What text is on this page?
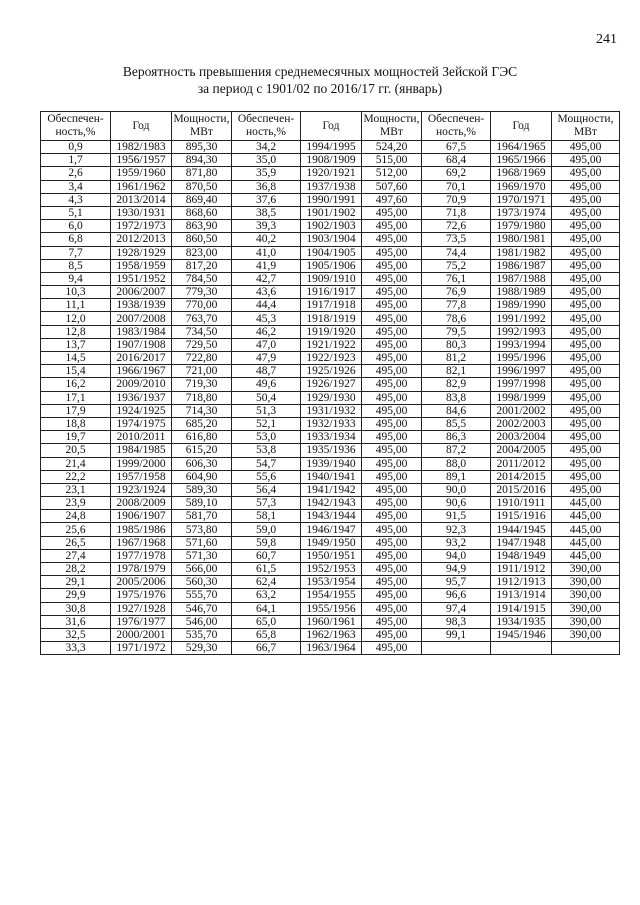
241
Вероятность превышения среднемесячных мощностей Зейской ГЭС
за период с 1901/02 по 2016/17 гг. (январь)
Обеспечен-ность,%	Год	Мощности, МВт	Обеспечен-ность,%	Год	Мощности, МВт	Обеспечен-ность,%	Год	Мощности, МВт
0,9	1982/1983	895,30	34,2	1994/1995	524,20	67,5	1964/1965	495,00
1,7	1956/1957	894,30	35,0	1908/1909	515,00	68,4	1965/1966	495,00
2,6	1959/1960	871,80	35,9	1920/1921	512,00	69,2	1968/1969	495,00
3,4	1961/1962	870,50	36,8	1937/1938	507,60	70,1	1969/1970	495,00
4,3	2013/2014	869,40	37,6	1990/1991	497,60	70,9	1970/1971	495,00
5,1	1930/1931	868,60	38,5	1901/1902	495,00	71,8	1973/1974	495,00
6,0	1972/1973	863,90	39,3	1902/1903	495,00	72,6	1979/1980	495,00
6,8	2012/2013	860,50	40,2	1903/1904	495,00	73,5	1980/1981	495,00
7,7	1928/1929	823,00	41,0	1904/1905	495,00	74,4	1981/1982	495,00
8,5	1958/1959	817,20	41,9	1905/1906	495,00	75,2	1986/1987	495,00
9,4	1951/1952	784,50	42,7	1909/1910	495,00	76,1	1987/1988	495,00
10,3	2006/2007	779,30	43,6	1916/1917	495,00	76,9	1988/1989	495,00
11,1	1938/1939	770,00	44,4	1917/1918	495,00	77,8	1989/1990	495,00
12,0	2007/2008	763,70	45,3	1918/1919	495,00	78,6	1991/1992	495,00
12,8	1983/1984	734,50	46,2	1919/1920	495,00	79,5	1992/1993	495,00
13,7	1907/1908	729,50	47,0	1921/1922	495,00	80,3	1993/1994	495,00
14,5	2016/2017	722,80	47,9	1922/1923	495,00	81,2	1995/1996	495,00
15,4	1966/1967	721,00	48,7	1925/1926	495,00	82,1	1996/1997	495,00
16,2	2009/2010	719,30	49,6	1926/1927	495,00	82,9	1997/1998	495,00
17,1	1936/1937	718,80	50,4	1929/1930	495,00	83,8	1998/1999	495,00
17,9	1924/1925	714,30	51,3	1931/1932	495,00	84,6	2001/2002	495,00
18,8	1974/1975	685,20	52,1	1932/1933	495,00	85,5	2002/2003	495,00
19,7	2010/2011	616,80	53,0	1933/1934	495,00	86,3	2003/2004	495,00
20,5	1984/1985	615,20	53,8	1935/1936	495,00	87,2	2004/2005	495,00
21,4	1999/2000	606,30	54,7	1939/1940	495,00	88,0	2011/2012	495,00
22,2	1957/1958	604,90	55,6	1940/1941	495,00	89,1	2014/2015	495,00
23,1	1923/1924	589,30	56,4	1941/1942	495,00	90,0	2015/2016	495,00
23,9	2008/2009	589,10	57,3	1942/1943	495,00	90,6	1910/1911	445,00
24,8	1906/1907	581,70	58,1	1943/1944	495,00	91,5	1915/1916	445,00
25,6	1985/1986	573,80	59,0	1946/1947	495,00	92,3	1944/1945	445,00
26,5	1967/1968	571,60	59,8	1949/1950	495,00	93,2	1947/1948	445,00
27,4	1977/1978	571,30	60,7	1950/1951	495,00	94,0	1948/1949	445,00
28,2	1978/1979	566,00	61,5	1952/1953	495,00	94,9	1911/1912	390,00
29,1	2005/2006	560,30	62,4	1953/1954	495,00	95,7	1912/1913	390,00
29,9	1975/1976	555,70	63,2	1954/1955	495,00	96,6	1913/1914	390,00
30,8	1927/1928	546,70	64,1	1955/1956	495,00	97,4	1914/1915	390,00
31,6	1976/1977	546,00	65,0	1960/1961	495,00	98,3	1934/1935	390,00
32,5	2000/2001	535,70	65,8	1962/1963	495,00	99,1	1945/1946	390,00
33,3	1971/1972	529,30	66,7	1963/1964	495,00			
